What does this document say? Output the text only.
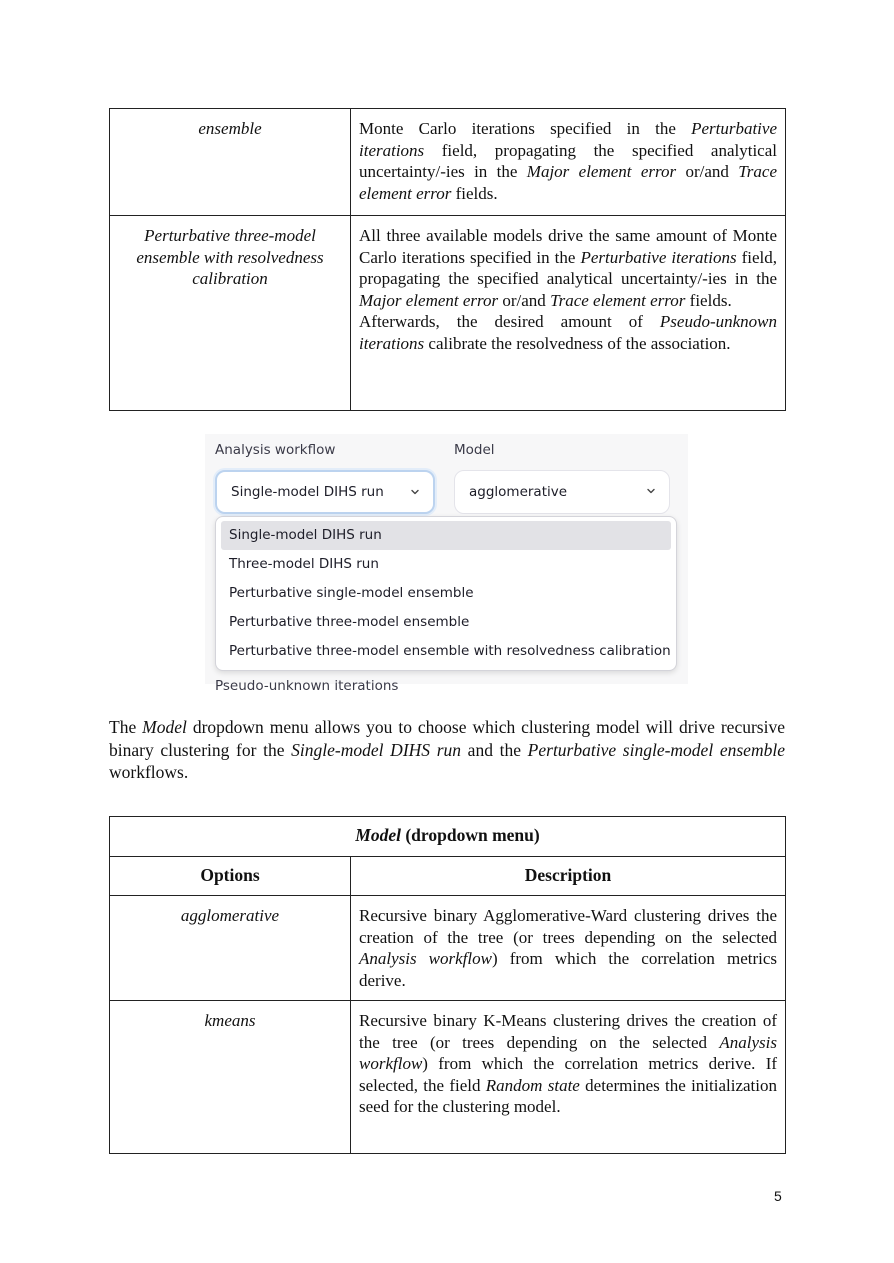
ensemble	Monte Carlo iterations specified in the Perturbative iterations field, propagating the specified analytical uncertainty/-ies in the Major element error or/and Trace element error fields.
Perturbative three-model ensemble with resolvedness calibration	All three available models drive the same amount of Monte Carlo iterations specified in the Perturbative iterations field, propagating the specified analytical uncertainty/-ies in the Major element error or/and Trace element error fields.
Afterwards, the desired amount of Pseudo-unknown iterations calibrate the resolvedness of the association.
Analysis workflow	Model
Single-model DIHS run	agglomerative
Single-model DIHS run
Three-model DIHS run
Perturbative single-model ensemble
Perturbative three-model ensemble
Perturbative three-model ensemble with resolvedness calibration
Pseudo-unknown iterations

The Model dropdown menu allows you to choose which clustering model will drive recursive binary clustering for the Single-model DIHS run and the Perturbative single-model ensemble workflows.

Model (dropdown menu)	
Options	Description
agglomerative	Recursive binary Agglomerative-Ward clustering drives the creation of the tree (or trees depending on the selected Analysis workflow) from which the correlation metrics derive.
kmeans	Recursive binary K-Means clustering drives the creation of the tree (or trees depending on the selected Analysis workflow) from which the correlation metrics derive. If selected, the field Random state determines the initialization seed for the clustering model.
5
